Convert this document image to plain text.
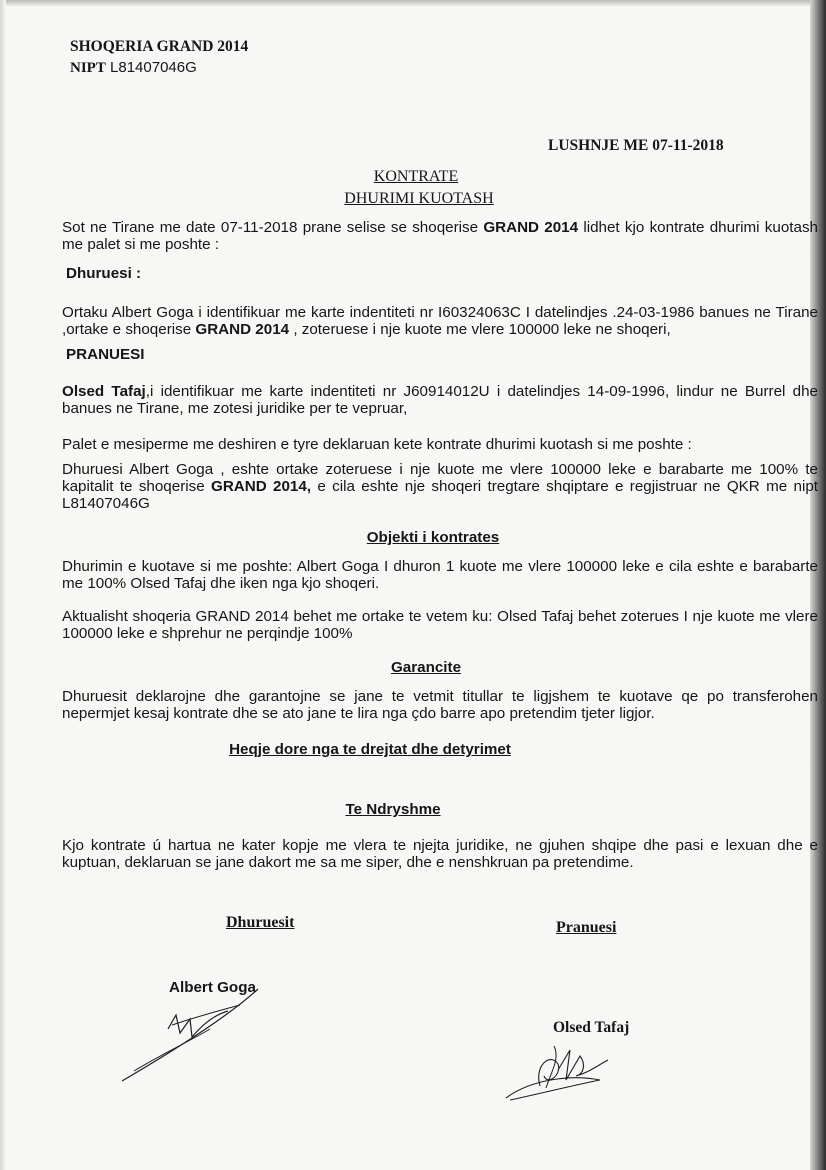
SHOQERIA GRAND 2014
NIPT L81407046G
LUSHNJE ME 07-11-2018
KONTRATE
DHURIMI KUOTASH
Sot ne Tirane me date 07-11-2018 prane selise se shoqerise GRAND 2014 lidhet kjo kontrate dhurimi kuotash me palet si me poshte :
Dhuruesi :
Ortaku Albert Goga i identifikuar me karte indentiteti nr I60324063C I datelindjes .24-03-1986 banues ne Tirane ,ortake e shoqerise GRAND 2014 , zoteruese i nje kuote me vlere 100000 leke ne shoqeri,
PRANUESI
Olsed Tafaj,i identifikuar me karte indentiteti nr J60914012U i datelindjes 14-09-1996, lindur ne Burrel dhe banues ne Tirane, me zotesi juridike per te vepruar,
Palet e mesiperme me deshiren e tyre deklaruan kete kontrate dhurimi kuotash si me poshte :
Dhuruesi Albert Goga , eshte ortake zoteruese i nje kuote me vlere 100000 leke e barabarte me 100% te kapitalit te shoqerise GRAND 2014, e cila eshte nje shoqeri tregtare shqiptare e regjistruar ne QKR me nipt L81407046G
Objekti i kontrates
Dhurimin e kuotave si me poshte: Albert Goga I dhuron 1 kuote me vlere 100000 leke e cila eshte e barabarte me 100% Olsed Tafaj dhe iken nga kjo shoqeri.
Aktualisht shoqeria GRAND 2014 behet me ortake te vetem ku: Olsed Tafaj behet zoterues I nje kuote me vlere 100000 leke e shprehur ne perqindje 100%
Garancite
Dhuruesit deklarojne dhe garantojne se jane te vetmit titullar te ligjshem te kuotave qe po transferohen nepermjet kesaj kontrate dhe se ato jane te lira nga çdo barre apo pretendim tjeter ligjor.
Heqje dore nga te drejtat dhe detyrimet
Te Ndryshme
Kjo kontrate ú hartua ne kater kopje me vlera te njejta juridike, ne gjuhen shqipe dhe pasi e lexuan dhe e kuptuan, deklaruan se jane dakort me sa me siper, dhe e nenshkruan pa pretendime.
Dhuruesit	Pranuesi
Albert Goga
Olsed Tafaj
